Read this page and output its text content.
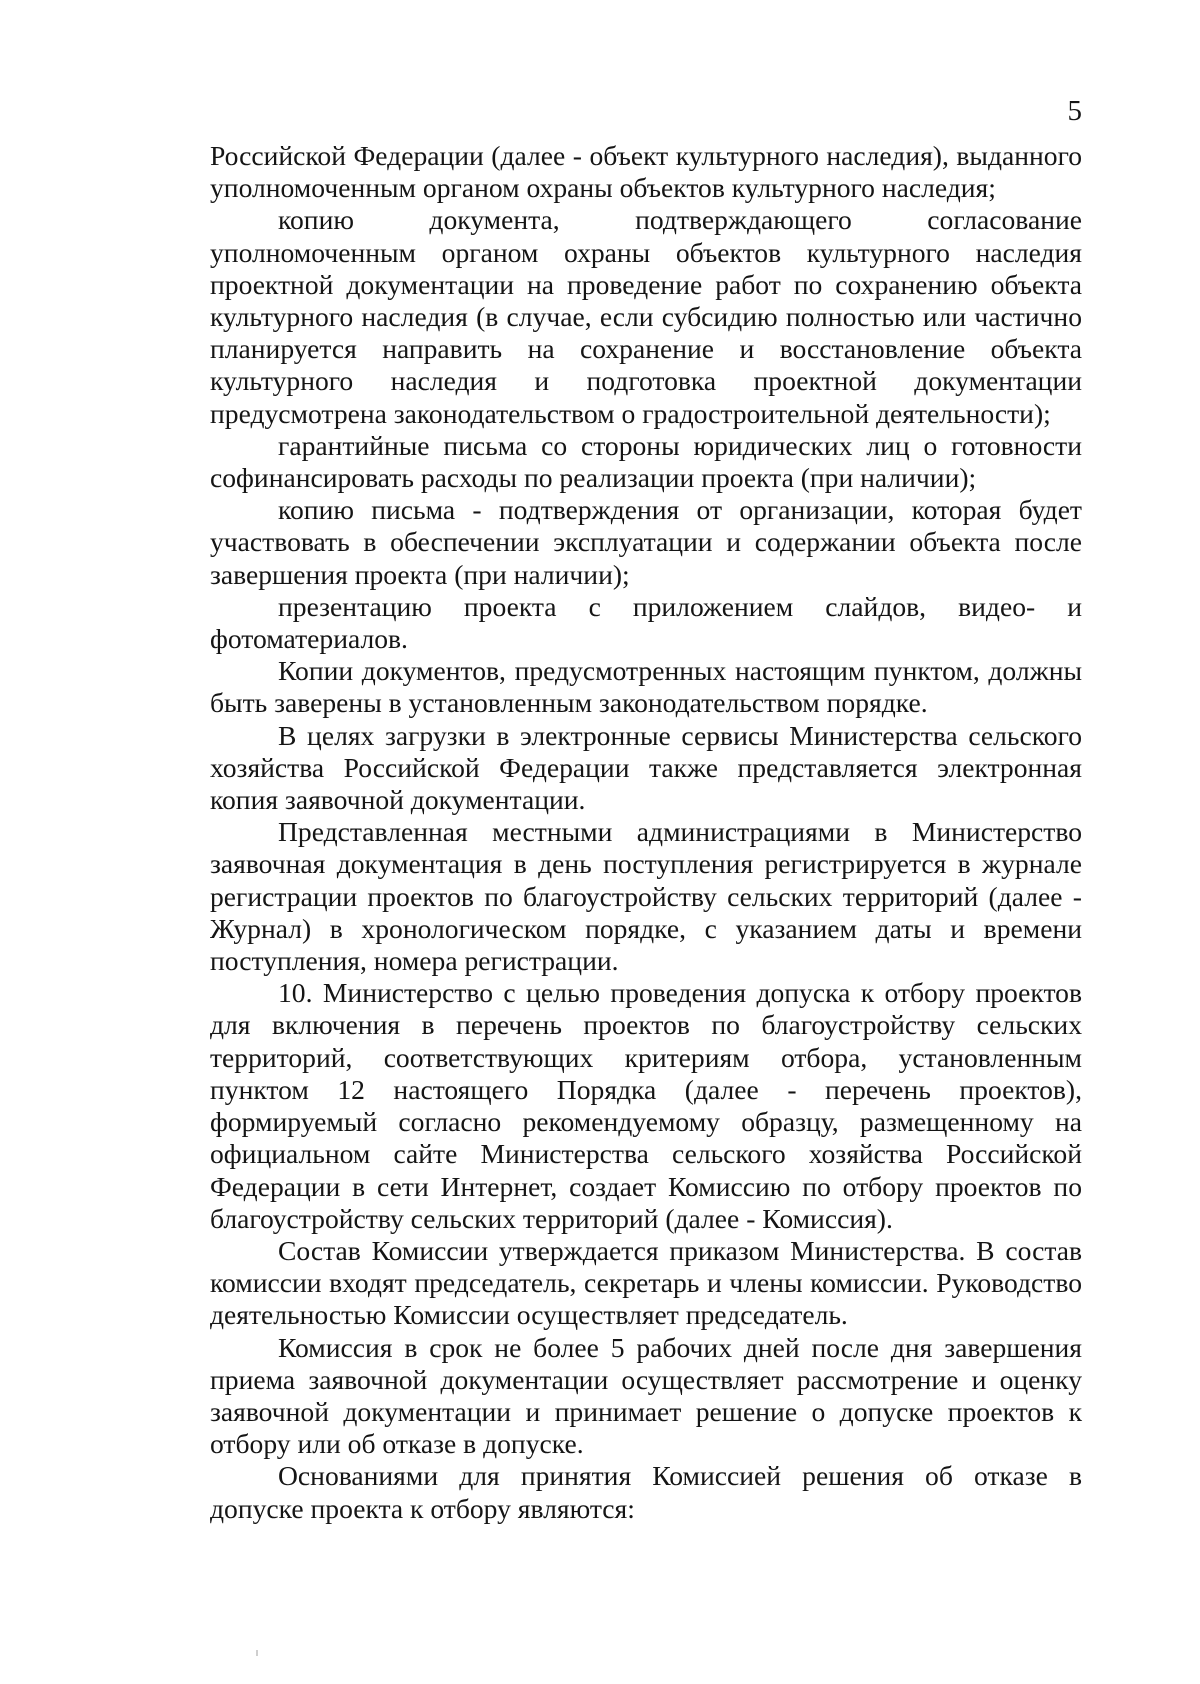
5

Российской Федерации (далее - объект культурного наследия), выданного уполномоченным органом охраны объектов культурного наследия;

копию документа, подтверждающего согласование уполномоченным органом охраны объектов культурного наследия проектной документации на проведение работ по сохранению объекта культурного наследия (в случае, если субсидию полностью или частично планируется направить на сохранение и восстановление объекта культурного наследия и подготовка проектной документации предусмотрена законодательством о градостроительной деятельности);

гарантийные письма со стороны юридических лиц о готовности софинансировать расходы по реализации проекта (при наличии);

копию письма - подтверждения от организации, которая будет участвовать в обеспечении эксплуатации и содержании объекта после завершения проекта (при наличии);

презентацию проекта с приложением слайдов, видео- и фотоматериалов.

Копии документов, предусмотренных настоящим пунктом, должны быть заверены в установленным законодательством порядке.

В целях загрузки в электронные сервисы Министерства сельского хозяйства Российской Федерации также представляется электронная копия заявочной документации.

Представленная местными администрациями в Министерство заявочная документация в день поступления регистрируется в журнале регистрации проектов по благоустройству сельских территорий (далее - Журнал) в хронологическом порядке, с указанием даты и времени поступления, номера регистрации.

10. Министерство с целью проведения допуска к отбору проектов для включения в перечень проектов по благоустройству сельских территорий, соответствующих критериям отбора, установленным пунктом 12 настоящего Порядка (далее - перечень проектов), формируемый согласно рекомендуемому образцу, размещенному на официальном сайте Министерства сельского хозяйства Российской Федерации в сети Интернет, создает Комиссию по отбору проектов по благоустройству сельских территорий (далее - Комиссия).

Состав Комиссии утверждается приказом Министерства. В состав комиссии входят председатель, секретарь и члены комиссии. Руководство деятельностью Комиссии осуществляет председатель.

Комиссия в срок не более 5 рабочих дней после дня завершения приема заявочной документации осуществляет рассмотрение и оценку заявочной документации и принимает решение о допуске проектов к отбору или об отказе в допуске.

Основаниями для принятия Комиссией решения об отказе в допуске проекта к отбору являются:
